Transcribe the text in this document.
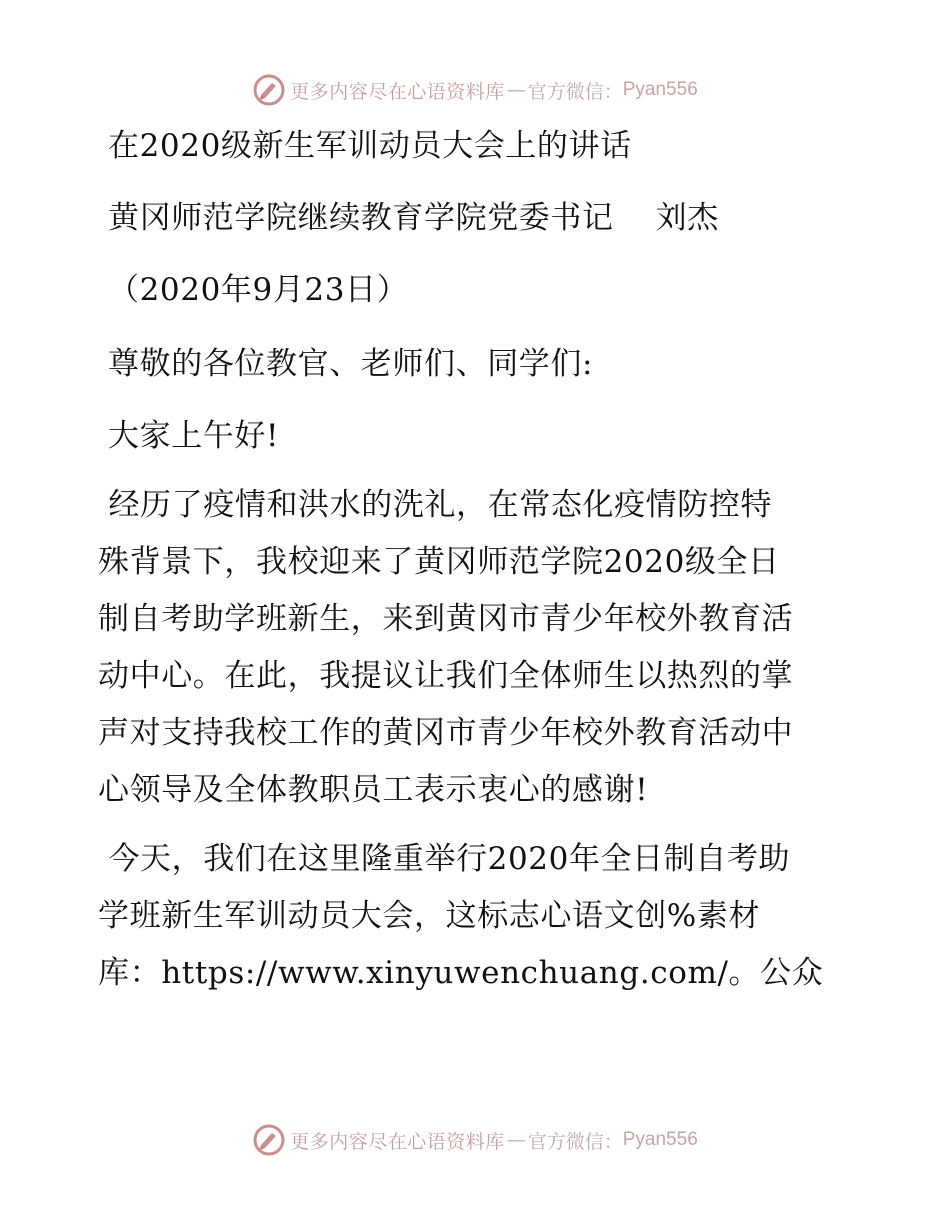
更多内容尽在心语资料库 — 官方微信： Pyan556
在2020级新生军训动员大会上的讲话
黄冈师范学院继续教育学院党委书记　 刘杰
（2020年9月23日）
尊敬的各位教官、老师们、同学们:
大家上午好!
经历了疫情和洪水的洗礼，在常态化疫情防控特
殊背景下，我校迎来了黄冈师范学院2020级全日
制自考助学班新生，来到黄冈市青少年校外教育活
动中心。在此，我提议让我们全体师生以热烈的掌
声对支持我校工作的黄冈市青少年校外教育活动中
心领导及全体教职员工表示衷心的感谢!
今天，我们在这里隆重举行2020年全日制自考助
学班新生军训动员大会，这标志心语文创%素材
库：https://www.xinyuwenchuang.com/。公众
更多内容尽在心语资料库 — 官方微信： Pyan556
